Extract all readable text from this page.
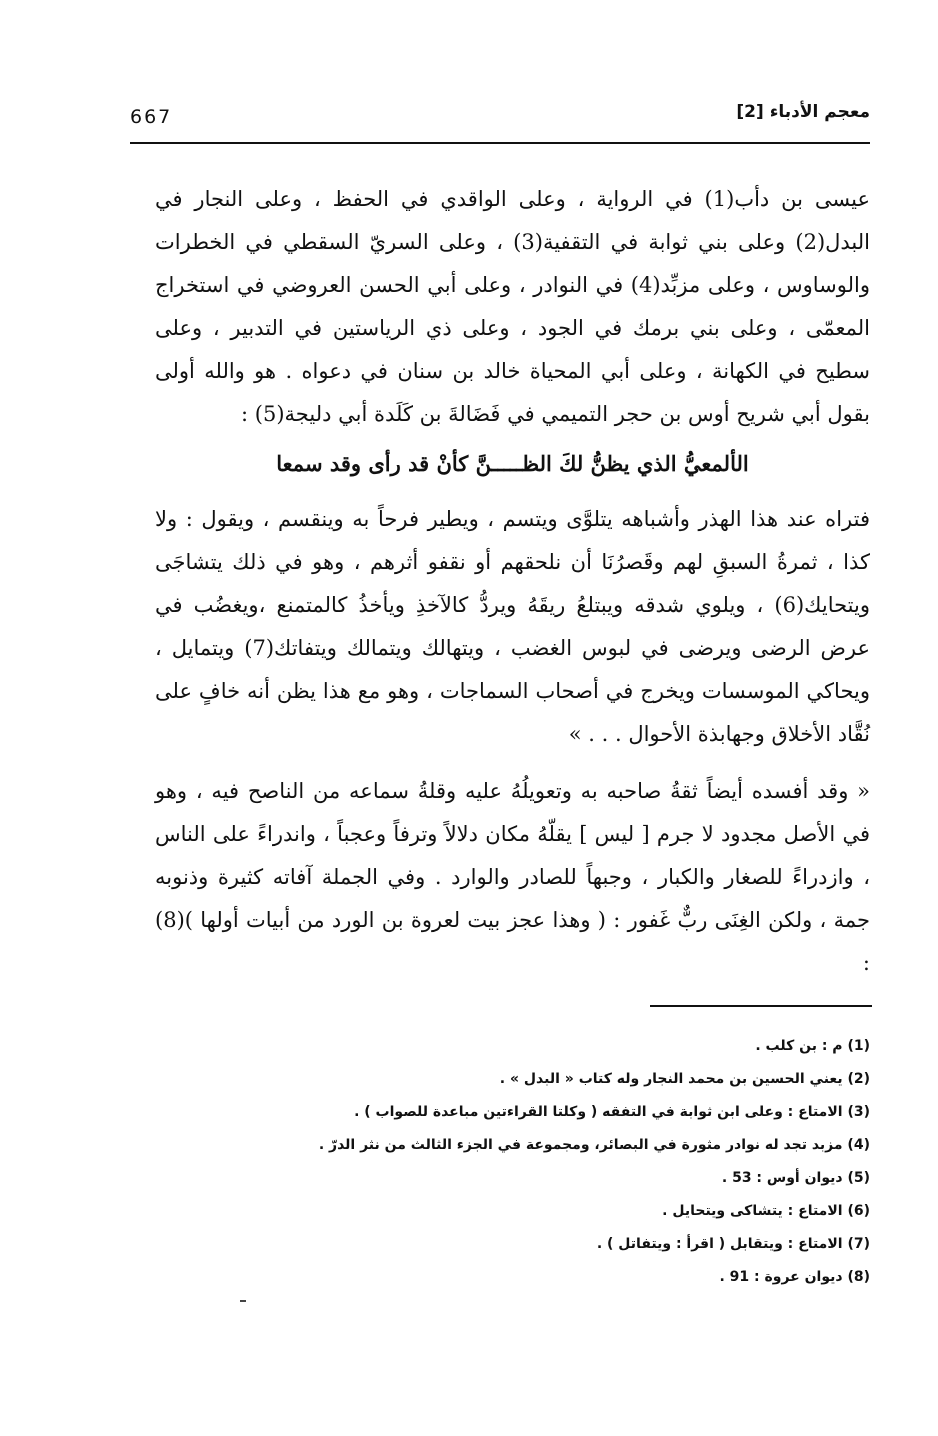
667	معجم الأدباء [2]

عيسى بن دأب(1) في الرواية ، وعلى الواقدي في الحفظ ، وعلى النجار في البدل(2) وعلى بني ثوابة في التقفية(3) ، وعلى السريّ السقطي في الخطرات والوساوس ، وعلى مزبِّد(4) في النوادر ، وعلى أبي الحسن العروضي في استخراج المعمّى ، وعلى بني برمك في الجود ، وعلى ذي الرياستين في التدبير ، وعلى سطيح في الكهانة ، وعلى أبي المحياة خالد بن سنان في دعواه . هو والله أولى بقول أبي شريح أوس بن حجر التميمي في فَضَالةَ بن كَلَدة أبي دليجة(5) :

الألمعيُّ الذي يظنُّ لكَ الظـــــنَّ كأنْ قد رأى وقد سمعا

فتراه عند هذا الهذر وأشباهه يتلوَّى ويتسم ، ويطير فرحاً به وينقسم ، ويقول : ولا كذا ، ثمرةُ السبقِ لهم وقَصرُنَا أن نلحقهم أو نقفو أثرهم ، وهو في ذلك يتشاجَى ويتحايك(6) ، ويلوي شدقه ويبتلعُ ريقَهُ ويردُّ كالآخذِ ويأخذُ كالمتمنع ،ويغضُب في عرض الرضى ويرضى في لبوس الغضب ، ويتهالك ويتمالك ويتفاتك(7) ويتمايل ، ويحاكي الموسسات ويخرج في أصحاب السماجات ، وهو مع هذا يظن أنه خافٍ على نُقَّاد الأخلاق وجهابذة الأحوال . . . »

« وقد أفسده أيضاً ثقةُ صاحبه به وتعويلُهُ عليه وقلةُ سماعه من الناصح فيه ، وهو في الأصل مجدود لا جرم [ ليس ] يقلّهُ مكان دلالاً وترفاً وعجباً ، واندراءً على الناس ، وازدراءً للصغار والكبار ، وجبهاً للصادر والوارد . وفي الجملة آفاته كثيرة وذنوبه جمة ، ولكن الغِنَى ربٌّ غَفور : ( وهذا عجز بيت لعروة بن الورد من أبيات أولها )(8) :

(1) م : بن كلب .
(2) يعني الحسين بن محمد النجار وله كتاب « البدل » .
(3) الامتاع : وعلى ابن ثوابة في التفقه ( وكلتا القراءتين مباعدة للصواب ) .
(4) مزبد تجد له نوادر مثورة في البصائر، ومجموعة في الجزء الثالث من نثر الدرّ .
(5) ديوان أوس : 53 .
(6) الامتاع : يتشاكى ويتحايل .
(7) الامتاع : ويتقابل ( اقرأ : ويتفاتل ) .
(8) ديوان عروة : 91 .
